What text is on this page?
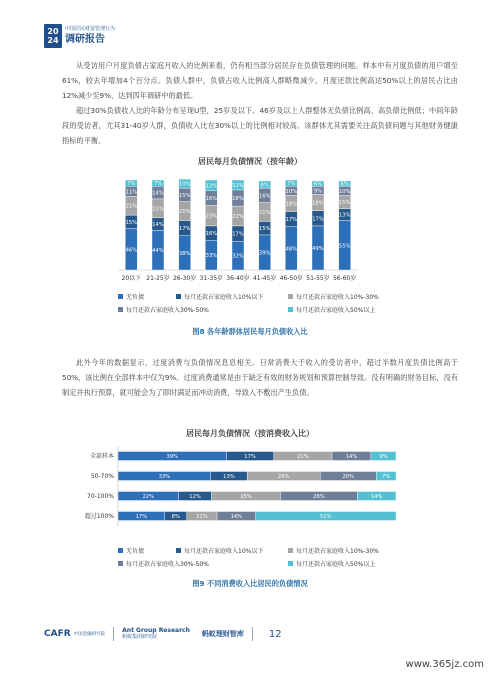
20
24
中国居民财富管理行为
调研报告

从受访用户月度负债占家庭月收入的比例来看，仍有相当部分居民存在负债管理的问题。样本中有月度负债的用户增至61%，较去年增加4个百分点。负债人群中，负债占收入比例高人群略微减少，月度还款比例高达50%以上的居民占比由12%减少至9%，达到四年调研中的最低。

超过30%负债收入比的年龄分布呈现U型，25岁及以下、46岁及以上人群整体无负债比例高、高负债比例低；中间年龄段的受访者，尤其31-40岁人群，负债收入比在30%以上的比例相对较高。该群体尤其需要关注高负债问题与其他财务健康指标的平衡。

居民每月负债情况（按年龄）
46%
15%
21%
11%
7%
20以下
44%
14%
21%
14%
7%
21-25岁
38%
17%
21%
15%
10%
26-30岁
33%
16%
23%
16%
12%
31-35岁
32%
17%
22%
18%
11%
36-40岁
39%
15%
21%
16%
8%
41-45岁
48%
17%
18%
10%
7%
46-50岁
49%
17%
18%
9%
6%
51-55岁
55%
13%
15%
10%
6%
56-60岁
无负债	每月还款占家庭收入10%以下	每月还款占家庭收入10%-30%
每月还款占家庭收入30%-50%	每月还款占家庭收入50%以上
图8 各年龄群体居民每月负债收入比

此外今年的数据显示，过度消费与负债情况息息相关。日常消费大于收入的受访者中，超过半数月度负债比例高于50%，该比例在全部样本中仅为9%。过度消费通常是由于缺乏有效的财务规划和预算控制导致。没有明确的财务目标，没有制定并执行预算，就可能会为了即时满足而冲动消费，导致入不敷出产生负债。

居民每月负债情况（按消费收入比）
全部样本	39%	17%	21%	14%	9%
50-70%	33%	13%	26%	20%	7%
70-100%	22%	12%	25%	28%	14%
超过100%	17%	8%	11%	14%	51%
无负债	每月还款占家庭收入10%以下	每月还款占家庭收入10%-30%
每月还款占家庭收入30%-50%	每月还款占家庭收入50%以上
图9 不同消费收入比居民的负债情况
CAFR 中国金融研究院	Ant Group Research
蚂蚁集团研究院	蚂蚁理财智库	12
www.365jz.com
